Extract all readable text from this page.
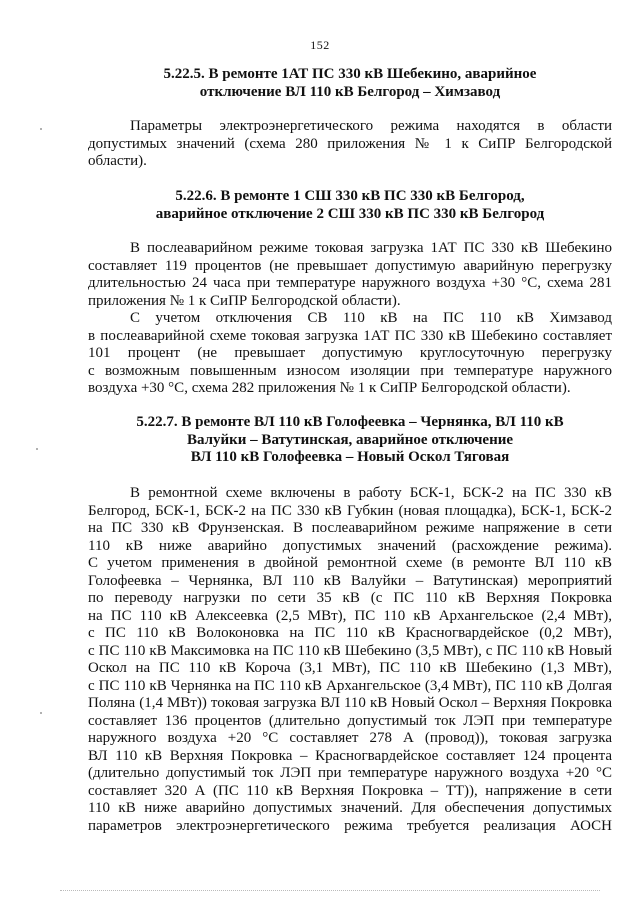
152

5.22.5. В ремонте 1АТ ПС 330 кВ Шебекино, аварийное
отключение ВЛ 110 кВ Белгород – Химзавод

Параметры электроэнергетического режима находятся в области
допустимых значений (схема 280 приложения № 1 к СиПР Белгородской
области).

5.22.6. В ремонте 1 СШ 330 кВ ПС 330 кВ Белгород,
аварийное отключение 2 СШ 330 кВ ПС 330 кВ Белгород

В послеаварийном режиме токовая загрузка 1АТ ПС 330 кВ Шебекино
составляет 119 процентов (не превышает допустимую аварийную перегрузку
длительностью 24 часа при температуре наружного воздуха +30 °С, схема 281
приложения № 1 к СиПР Белгородской области).

С учетом отключения СВ 110 кВ на ПС 110 кВ Химзавод
в послеаварийной схеме токовая загрузка 1АТ ПС 330 кВ Шебекино составляет
101 процент (не превышает допустимую круглосуточную перегрузку
с возможным повышенным износом изоляции при температуре наружного
воздуха +30 °С, схема 282 приложения № 1 к СиПР Белгородской области).

5.22.7. В ремонте ВЛ 110 кВ Голофеевка – Чернянка, ВЛ 110 кВ
Валуйки – Ватутинская, аварийное отключение
ВЛ 110 кВ Голофеевка – Новый Оскол Тяговая

В ремонтной схеме включены в работу БСК-1, БСК-2 на ПС 330 кВ
Белгород, БСК-1, БСК-2 на ПС 330 кВ Губкин (новая площадка), БСК-1, БСК-2
на ПС 330 кВ Фрунзенская. В послеаварийном режиме напряжение в сети
110 кВ ниже аварийно допустимых значений (расхождение режима).
С учетом применения в двойной ремонтной схеме (в ремонте ВЛ 110 кВ
Голофеевка – Чернянка, ВЛ 110 кВ Валуйки – Ватутинская) мероприятий
по переводу нагрузки по сети 35 кВ (с ПС 110 кВ Верхняя Покровка
на ПС 110 кВ Алексеевка (2,5 МВт), ПС 110 кВ Архангельское (2,4 МВт),
с ПС 110 кВ Волоконовка на ПС 110 кВ Красногвардейское (0,2 МВт),
с ПС 110 кВ Максимовка на ПС 110 кВ Шебекино (3,5 МВт), с ПС 110 кВ Новый
Оскол на ПС 110 кВ Корочa (3,1 МВт), ПС 110 кВ Шебекино (1,3 МВт),
с ПС 110 кВ Чернянка на ПС 110 кВ Архангельское (3,4 МВт), ПС 110 кВ Долгая
Поляна (1,4 МВт)) токовая загрузка ВЛ 110 кВ Новый Оскол – Верхняя Покровка
составляет 136 процентов (длительно допустимый ток ЛЭП при температуре
наружного воздуха +20 °С составляет 278 А (провод)), токовая загрузка
ВЛ 110 кВ Верхняя Покровка – Красногвардейское составляет 124 процента
(длительно допустимый ток ЛЭП при температуре наружного воздуха +20 °С
составляет 320 А (ПС 110 кВ Верхняя Покровка – ТТ)), напряжение в сети
110 кВ ниже аварийно допустимых значений. Для обеспечения допустимых
параметров электроэнергетического режима требуется реализация АОСН
